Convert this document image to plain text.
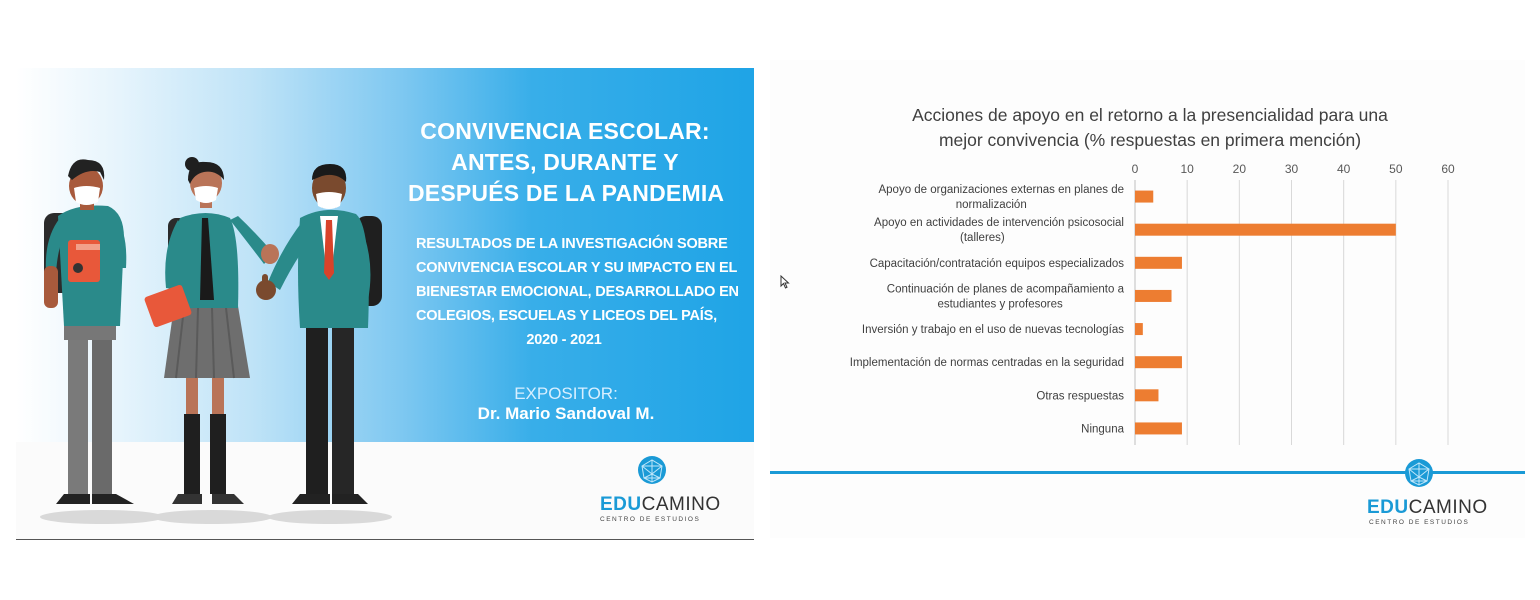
CONVIVENCIA ESCOLAR:
ANTES, DURANTE Y
DESPUÉS DE LA PANDEMIA
RESULTADOS DE LA INVESTIGACIÓN SOBRE
CONVIVENCIA ESCOLAR Y SU IMPACTO EN EL
BIENESTAR EMOCIONAL, DESARROLLADO EN
COLEGIOS, ESCUELAS Y LICEOS DEL PAÍS,
2020 - 2021
EXPOSITOR:
Dr. Mario Sandoval M.
EDUCAMINO
CENTRO DE ESTUDIOS
Acciones de apoyo en el retorno a la presencialidad para una
mejor convivencia (% respuestas en primera mención)
0	10	20	30	40	50	60
Apoyo de organizaciones externas en planes de normalización
Apoyo en actividades de intervención psicosocial (talleres)
Capacitación/contratación equipos especializados
Continuación de planes de acompañamiento a estudiantes y profesores
Inversión y trabajo en el uso de nuevas tecnologías
Implementación de normas centradas en la seguridad
Otras respuestas
Ninguna
EDUCAMINO
CENTRO DE ESTUDIOS
